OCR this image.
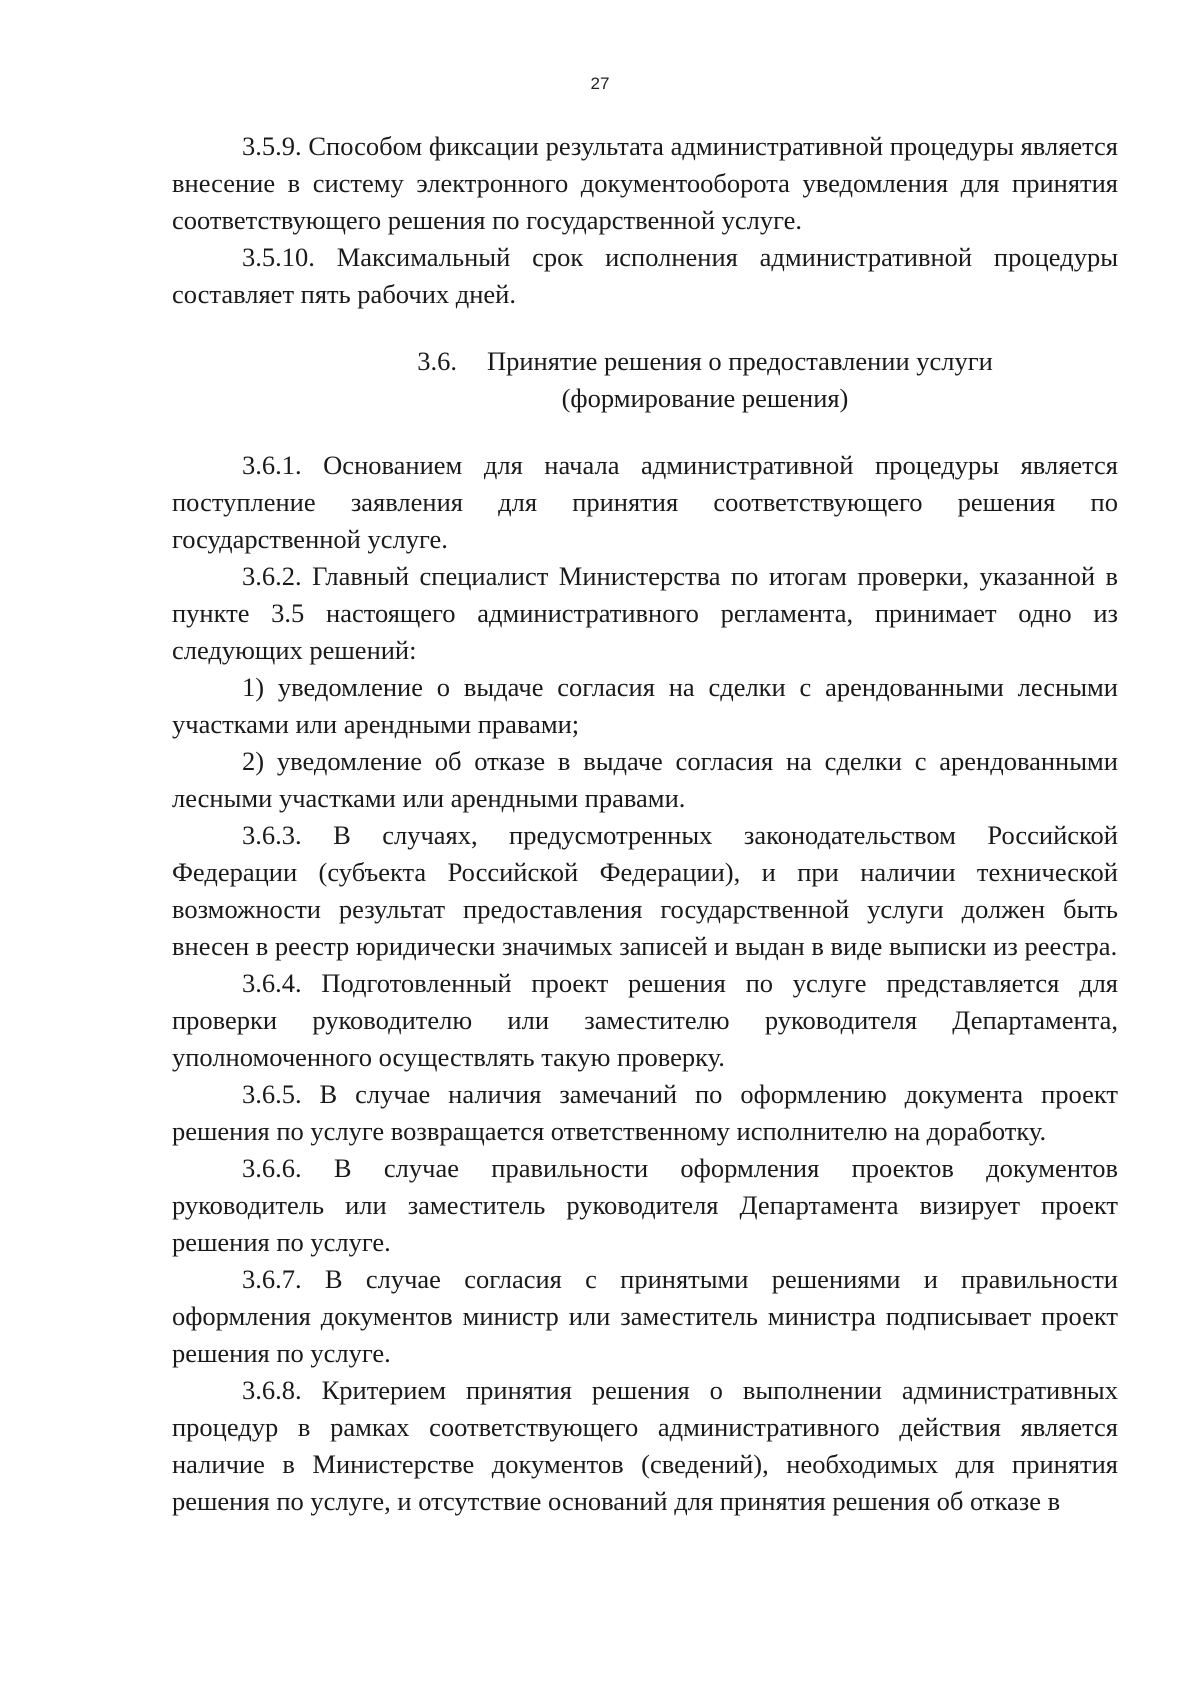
27

3.5.9. Способом фиксации результата административной процедуры является внесение в систему электронного документооборота уведомления для принятия соответствующего решения по государственной услуге.

3.5.10. Максимальный срок исполнения административной процедуры составляет пять рабочих дней.

3.6. Принятие решения о предоставлении услуги
(формирование решения)

3.6.1. Основанием для начала административной процедуры является поступление заявления для принятия соответствующего решения по государственной услуге.

3.6.2. Главный специалист Министерства по итогам проверки, указанной в пункте 3.5 настоящего административного регламента, принимает одно из следующих решений:

1) уведомление о выдаче согласия на сделки с арендованными лесными участками или арендными правами;

2) уведомление об отказе в выдаче согласия на сделки с арендованными лесными участками или арендными правами.

3.6.3. В случаях, предусмотренных законодательством Российской Федерации (субъекта Российской Федерации), и при наличии технической возможности результат предоставления государственной услуги должен быть внесен в реестр юридически значимых записей и выдан в виде выписки из реестра.

3.6.4. Подготовленный проект решения по услуге представляется для проверки руководителю или заместителю руководителя Департамента, уполномоченного осуществлять такую проверку.

3.6.5. В случае наличия замечаний по оформлению документа проект решения по услуге возвращается ответственному исполнителю на доработку.

3.6.6. В случае правильности оформления проектов документов руководитель или заместитель руководителя Департамента визирует проект решения по услуге.

3.6.7. В случае согласия с принятыми решениями и правильности оформления документов министр или заместитель министра подписывает проект решения по услуге.

3.6.8. Критерием принятия решения о выполнении административных процедур в рамках соответствующего административного действия является наличие в Министерстве документов (сведений), необходимых для принятия решения по услуге, и отсутствие оснований для принятия решения об отказе в
